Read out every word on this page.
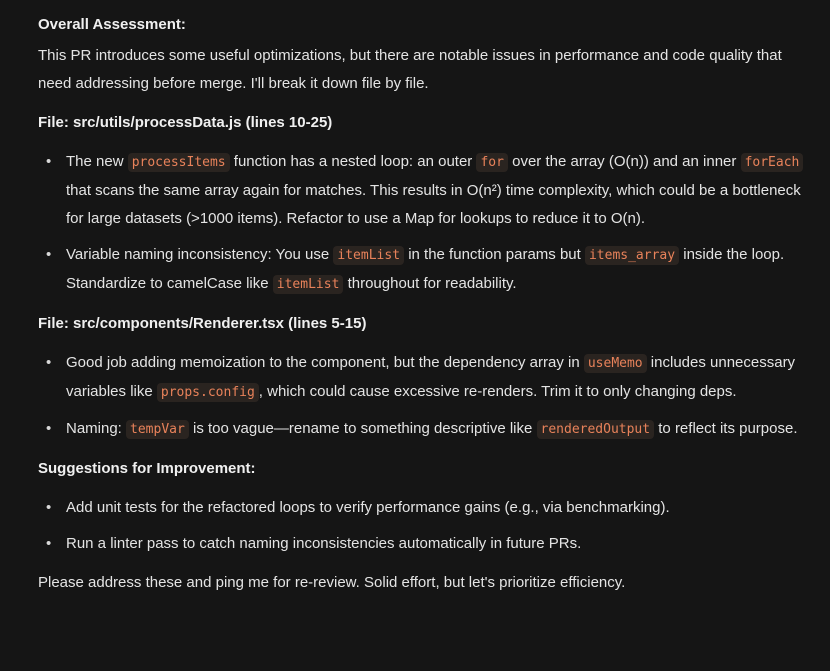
Overall Assessment:

This PR introduces some useful optimizations, but there are notable issues in performance and code quality that need addressing before merge. I'll break it down file by file.

File: src/utils/processData.js (lines 10-25)

• The new processItems function has a nested loop: an outer for over the array (O(n)) and an inner forEach that scans the same array again for matches. This results in O(n²) time complexity, which could be a bottleneck for large datasets (>1000 items). Refactor to use a Map for lookups to reduce it to O(n).
• Variable naming inconsistency: You use itemList in the function params but items_array inside the loop. Standardize to camelCase like itemList throughout for readability.

File: src/components/Renderer.tsx (lines 5-15)

• Good job adding memoization to the component, but the dependency array in useMemo includes unnecessary variables like props.config , which could cause excessive re-renders. Trim it to only changing deps.
• Naming: tempVar is too vague—rename to something descriptive like renderedOutput to reflect its purpose.

Suggestions for Improvement:

• Add unit tests for the refactored loops to verify performance gains (e.g., via benchmarking).
• Run a linter pass to catch naming inconsistencies automatically in future PRs.

Please address these and ping me for re-review. Solid effort, but let's prioritize efficiency.
